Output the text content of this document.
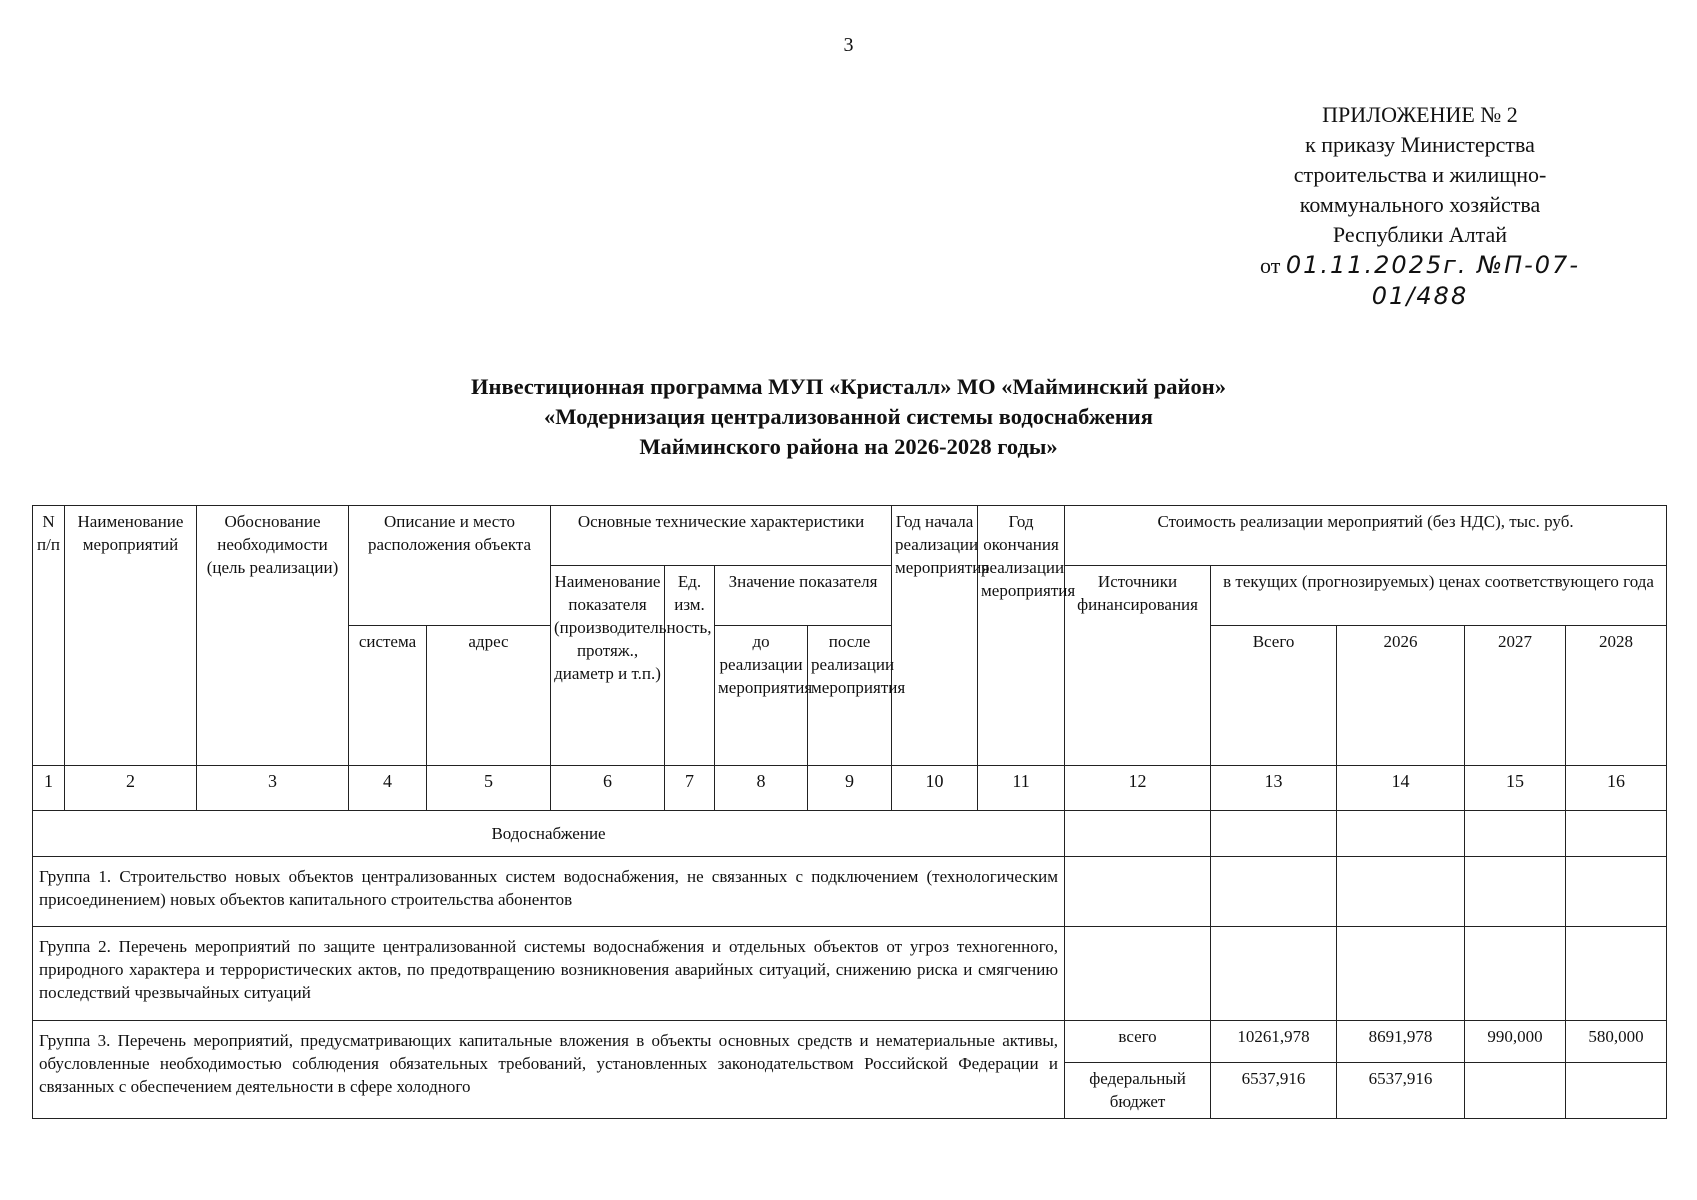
3
ПРИЛОЖЕНИЕ № 2
к приказу Министерства
строительства и жилищно-
коммунального хозяйства
Республики Алтай
от 01.11.2025г. №П-07-01/488
Инвестиционная программа МУП «Кристалл» МО «Майминский район»
«Модернизация централизованной системы водоснабжения
Майминского района на 2026-2028 годы»
N п/п	Наименование мероприятий	Обоснование необходимости (цель реализации)	Описание и место расположения объекта		Основные технические характеристики				Год начала реализации мероприятия	Год окончания реализации мероприятия	Стоимость реализации мероприятий (без НДС), тыс. руб.				
					Наименование показателя (производительность, протяж., диаметр и т.п.)	Ед. изм.	Значение показателя				Источники финансирования	в текущих (прогнозируемых) ценах соответствующего года			
			система	адрес			до реализации мероприятия	после реализации мероприятия				Всего	2026	2027	2028
1	2	3	4	5	6	7	8	9	10	11	12	13	14	15	16
Водоснабжение															
Группа 1. Строительство новых объектов централизованных систем водоснабжения, не связанных с подключением (технологическим присоединением) новых объектов капитального строительства абонентов															
Группа 2. Перечень мероприятий по защите централизованной системы водоснабжения и отдельных объектов от угроз техногенного, природного характера и террористических актов, по предотвращению возникновения аварийных ситуаций, снижению риска и смягчению последствий чрезвычайных ситуаций															
Группа 3. Перечень мероприятий, предусматривающих капитальные вложения в объекты основных средств и нематериальные активы, обусловленные необходимостью соблюдения обязательных требований, установленных законодательством Российской Федерации и связанных с обеспечением деятельности в сфере холодного											всего	10261,978	8691,978	990,000	580,000
											федеральный бюджет	6537,916	6537,916		
